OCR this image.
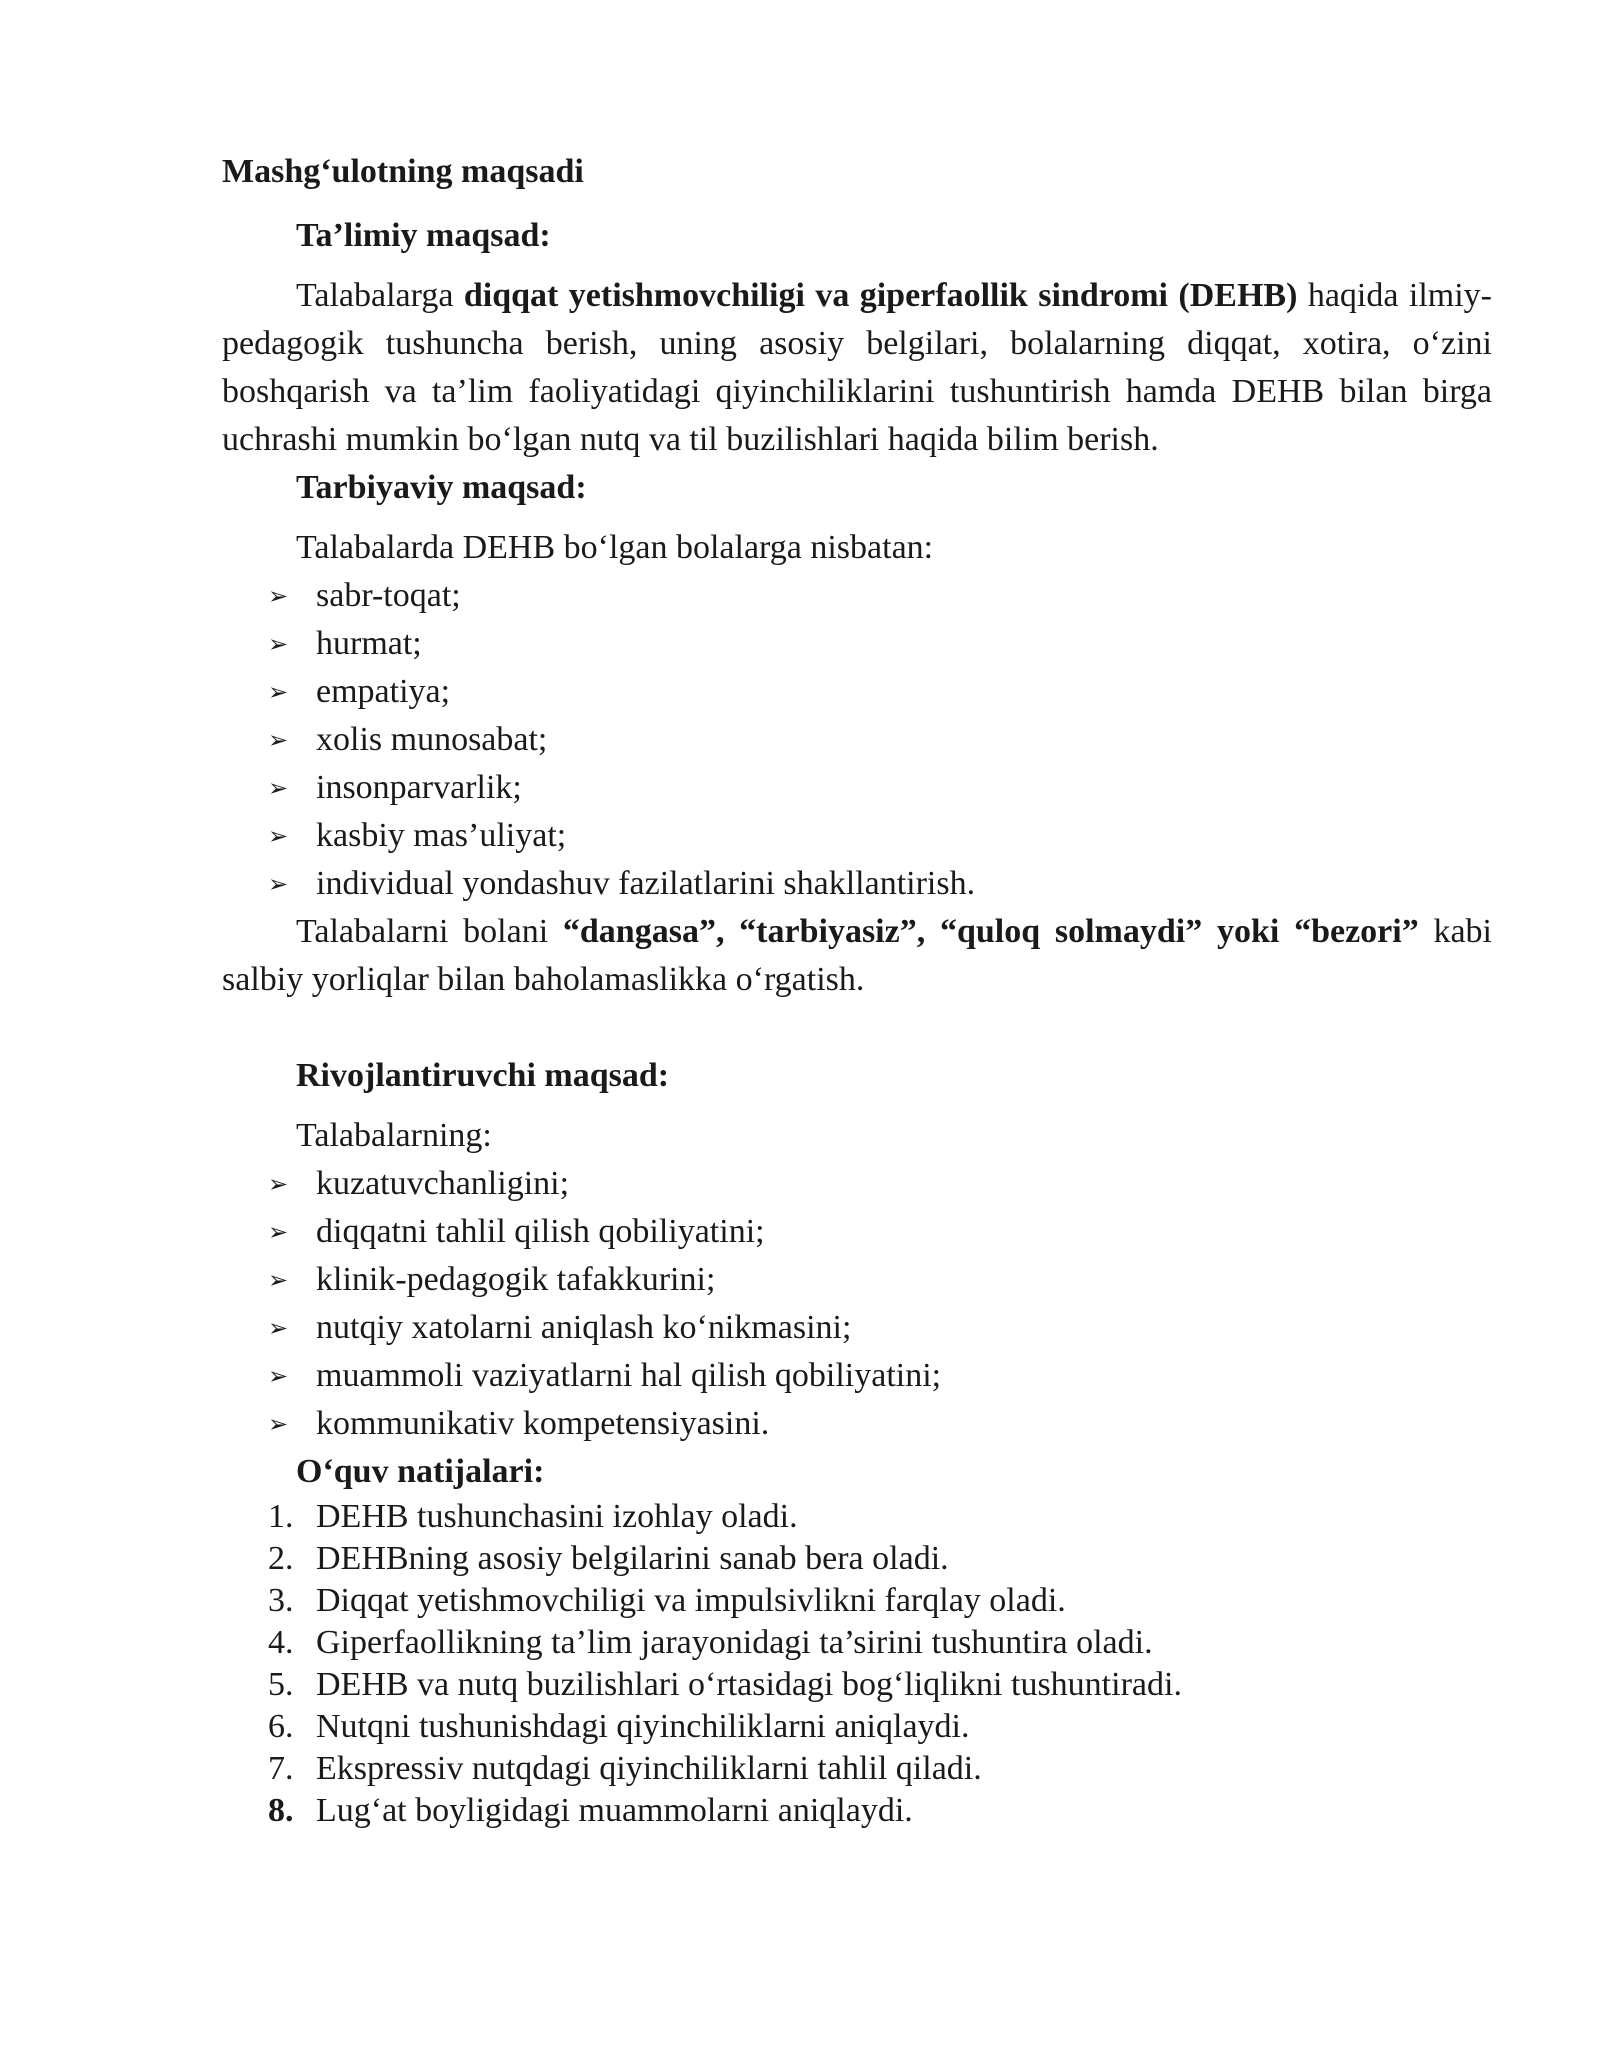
Mashg‘ulotning maqsadi
Ta’limiy maqsad:

Talabalarga diqqat yetishmovchiligi va giperfaollik sindromi (DEHB) haqida ilmiy-pedagogik tushuncha berish, uning asosiy belgilari, bolalarning diqqat, xotira, o‘zini boshqarish va ta’lim faoliyatidagi qiyinchiliklarini tushuntirish hamda DEHB bilan birga uchrashi mumkin bo‘lgan nutq va til buzilishlari haqida bilim berish.

Tarbiyaviy maqsad:
Talabalarda DEHB bo‘lgan bolalarga nisbatan:
➢ sabr-toqat;
➢ hurmat;
➢ empatiya;
➢ xolis munosabat;
➢ insonparvarlik;
➢ kasbiy mas’uliyat;
➢ individual yondashuv fazilatlarini shakllantirish.

Talabalarni bolani “dangasa”, “tarbiyasiz”, “quloq solmaydi” yoki “bezori” kabi salbiy yorliqlar bilan baholamaslikka o‘rgatish.

Rivojlantiruvchi maqsad:
Talabalarning:
➢ kuzatuvchanligini;
➢ diqqatni tahlil qilish qobiliyatini;
➢ klinik-pedagogik tafakkurini;
➢ nutqiy xatolarni aniqlash ko‘nikmasini;
➢ muammoli vaziyatlarni hal qilish qobiliyatini;
➢ kommunikativ kompetensiyasini.
O‘quv natijalari:
1. DEHB tushunchasini izohlay oladi.
2. DEHBning asosiy belgilarini sanab bera oladi.
3. Diqqat yetishmovchiligi va impulsivlikni farqlay oladi.
4. Giperfaollikning ta’lim jarayonidagi ta’sirini tushuntira oladi.
5. DEHB va nutq buzilishlari o‘rtasidagi bog‘liqlikni tushuntiradi.
6. Nutqni tushunishdagi qiyinchiliklarni aniqlaydi.
7. Ekspressiv nutqdagi qiyinchiliklarni tahlil qiladi.
8. Lug‘at boyligidagi muammolarni aniqlaydi.
